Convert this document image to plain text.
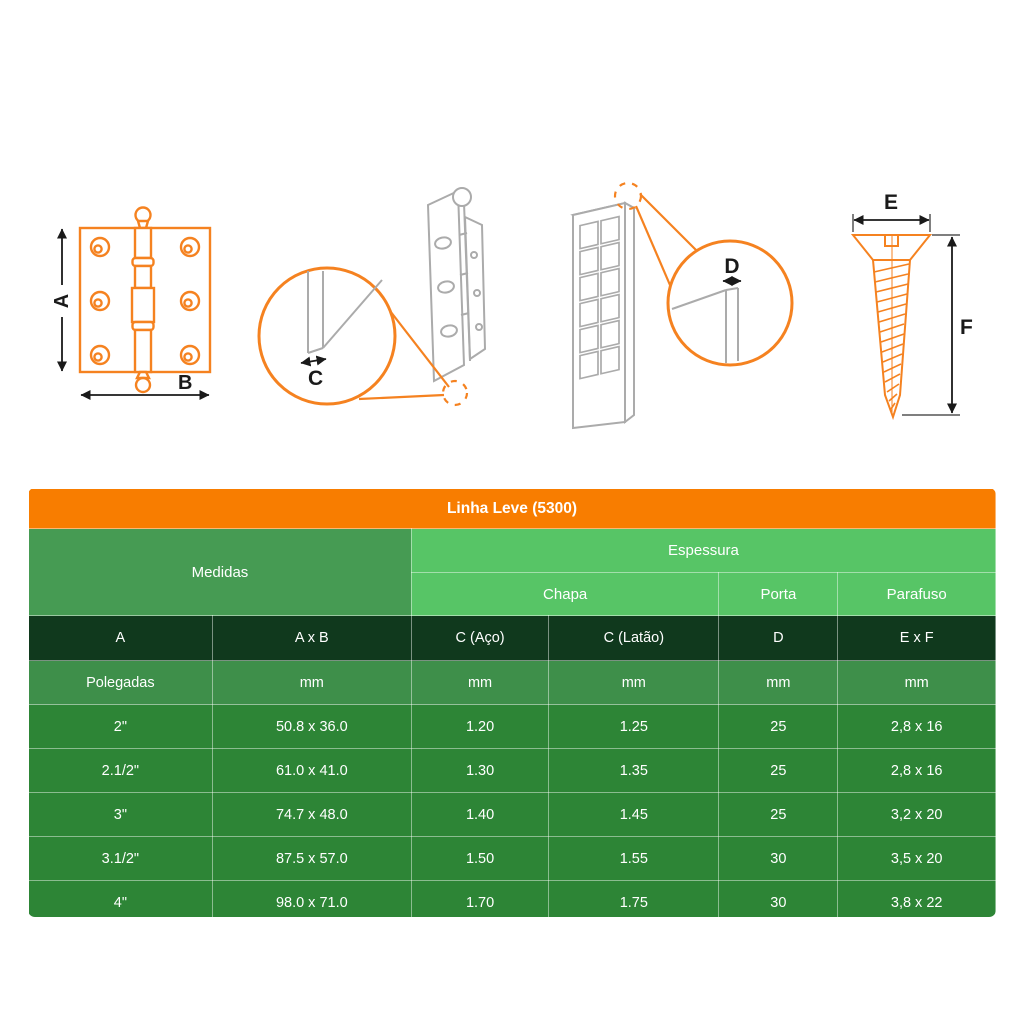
A
B	C
D
E
F
Linha Leve (5300)					
Medidas		Espessura			
		Chapa		Porta	Parafuso
A	A x B	C (Aço)	C (Latão)	D	E x F
Polegadas	mm	mm	mm	mm	mm
2"	50.8 x 36.0	1.20	1.25	25	2,8 x 16
2.1/2"	61.0 x 41.0	1.30	1.35	25	2,8 x 16
3"	74.7 x 48.0	1.40	1.45	25	3,2 x 20
3.1/2"	87.5 x 57.0	1.50	1.55	30	3,5 x 20
4"	98.0 x 71.0	1.70	1.75	30	3,8 x 22
